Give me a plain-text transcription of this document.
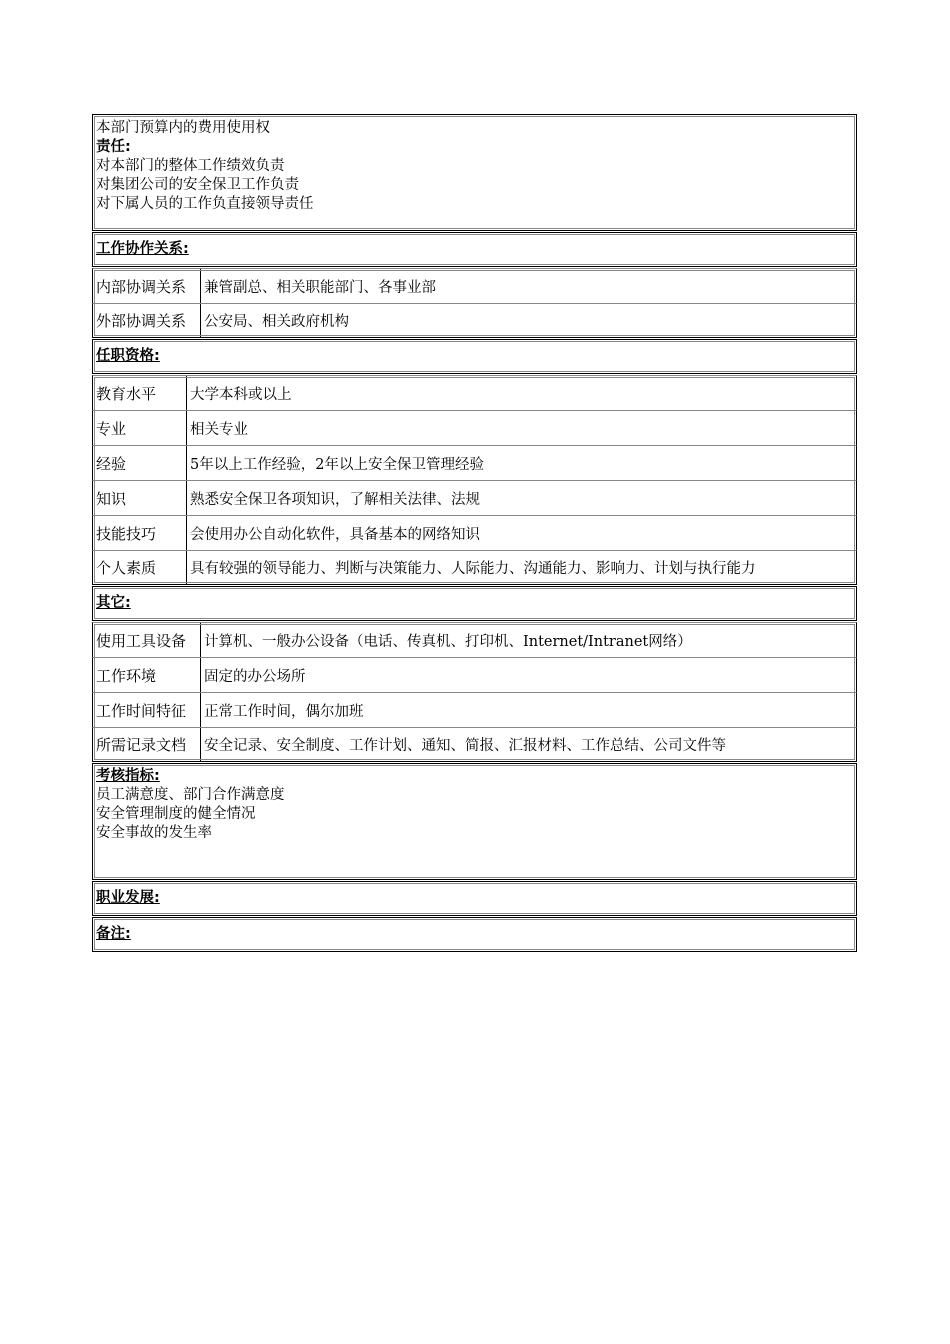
本部门预算内的费用使用权
责任:
对本部门的整体工作绩效负责
对集团公司的安全保卫工作负责
对下属人员的工作负直接领导责任
工作协作关系:
内部协调关系	兼管副总、相关职能部门、各事业部
外部协调关系	公安局、相关政府机构
任职资格:
教育水平	大学本科或以上
专业	相关专业
经验	5年以上工作经验，2年以上安全保卫管理经验
知识	熟悉安全保卫各项知识，了解相关法律、法规
技能技巧	会使用办公自动化软件，具备基本的网络知识
个人素质	具有较强的领导能力、判断与决策能力、人际能力、沟通能力、影响力、计划与执行能力
其它:
使用工具设备	计算机、一般办公设备（电话、传真机、打印机、Internet/Intranet网络）
工作环境	固定的办公场所
工作时间特征	正常工作时间，偶尔加班
所需记录文档	安全记录、安全制度、工作计划、通知、简报、汇报材料、工作总结、公司文件等
考核指标:
员工满意度、部门合作满意度
安全管理制度的健全情况
安全事故的发生率
职业发展:
备注:
